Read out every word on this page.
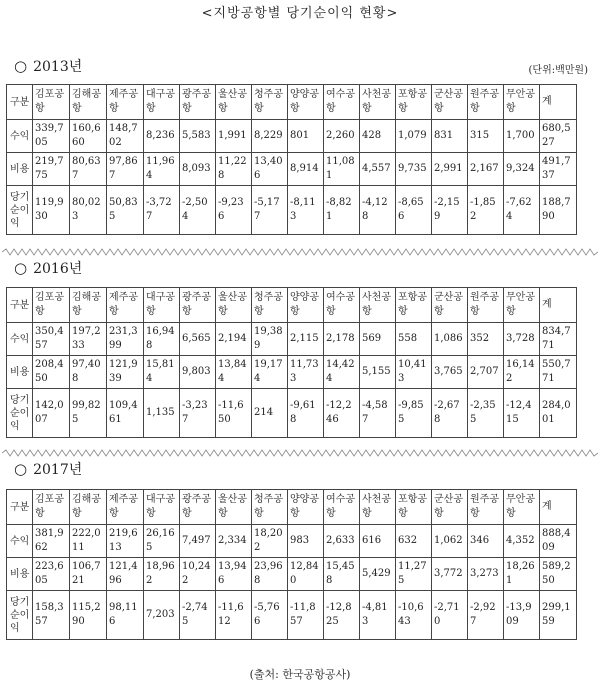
<지방공항별 당기순이익 현황>
(단위:백만원)
○ 2013년
○ 2016년
○ 2017년
구분	김포공항	김해공항	제주공항	대구공항	광주공항	울산공항	청주공항	양양공항	여수공항	사천공항	포항공항	군산공항	원주공항	무안공항	계
수익	339,705	160,660	148,702	8,236	5,583	1,991	8,229	801	2,260	428	1,079	831	315	1,700	680,527
비용	219,775	80,637	97,867	11,964	8,093	11,228	13,406	8,914	11,081	4,557	9,735	2,991	2,167	9,324	491,737
당기순이익	119,930	80,023	50,835	-3,727	-2,504	-9,236	-5,177	-8,113	-8,821	-4,128	-8,656	-2,159	-1,852	-7,624	188,790
구분	김포공항	김해공항	제주공항	대구공항	광주공항	울산공항	청주공항	양양공항	여수공항	사천공항	포항공항	군산공항	원주공항	무안공항	계
수익	350,457	197,233	231,399	16,948	6,565	2,194	19,389	2,115	2,178	569	558	1,086	352	3,728	834,771
비용	208,450	97,408	121,939	15,814	9,803	13,844	19,174	11,733	14,424	5,155	10,413	3,765	2,707	16,142	550,771
당기순이익	142,007	99,825	109,461	1,135	-3,237	-11,650	214	-9,618	-12,246	-4,587	-9,855	-2,678	-2,355	-12,415	284,001
구분	김포공항	김해공항	제주공항	대구공항	광주공항	울산공항	청주공항	양양공항	여수공항	사천공항	포항공항	군산공항	원주공항	무안공항	계
수익	381,962	222,011	219,613	26,165	7,497	2,334	18,202	983	2,633	616	632	1,062	346	4,352	888,409
비용	223,605	106,721	121,496	18,962	10,242	13,946	23,968	12,840	15,458	5,429	11,275	3,772	3,273	18,261	589,250
당기순이익	158,357	115,290	98,116	7,203	-2,745	-11,612	-5,766	-11,857	-12,825	-4,813	-10,643	-2,710	-2,927	-13,909	299,159
(출처: 한국공항공사)
